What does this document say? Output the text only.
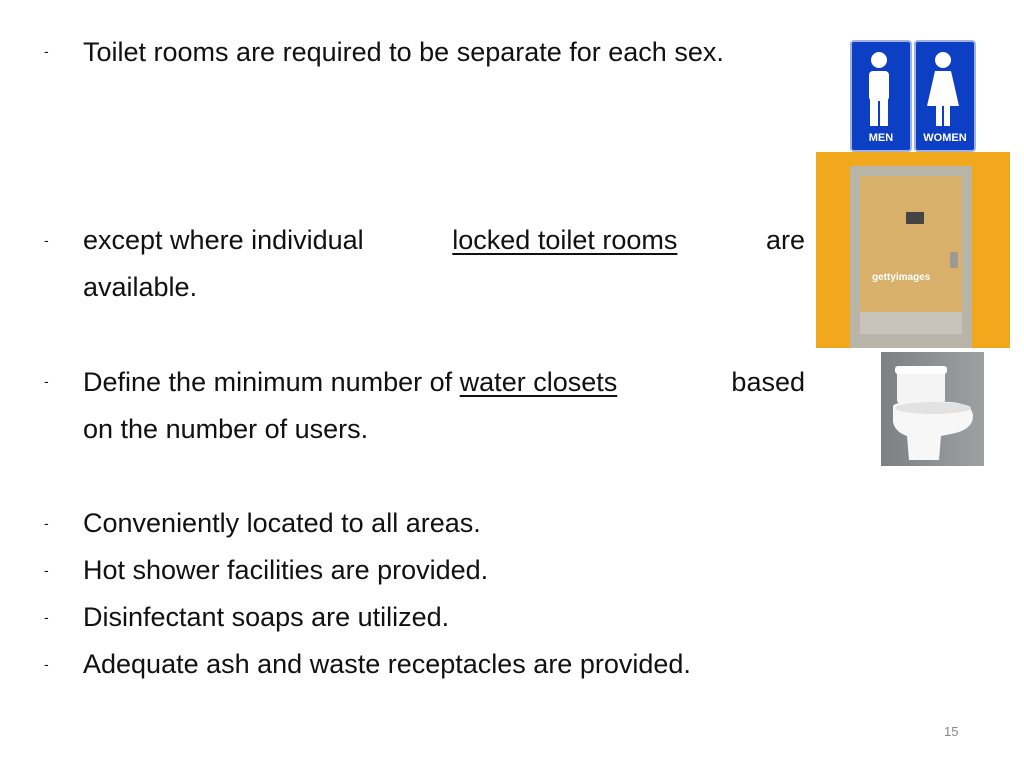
- Toilet rooms are required to be separate for each sex.
- except where individual	locked toilet rooms	are
available.
- Define the minimum number of water closets	based
on the number of users.
- Conveniently located to all areas.
- Hot shower facilities are provided.
- Disinfectant soaps are utilized.
- Adequate ash and waste receptacles are provided.
MEN	WOMEN
gettyimages
15
